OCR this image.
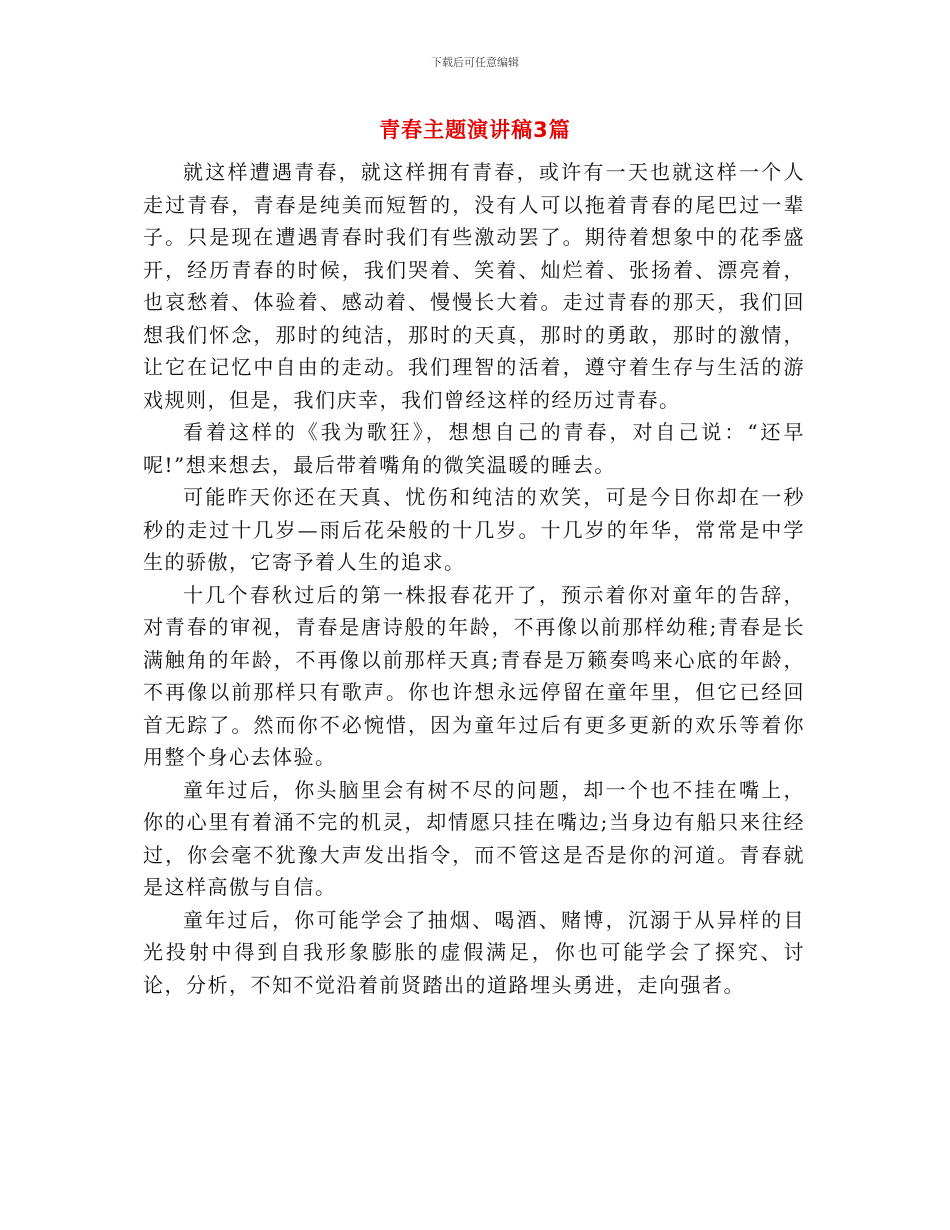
下载后可任意编辑
青春主题演讲稿3篇

就这样遭遇青春，就这样拥有青春，或许有一天也就这样一个人走过青春，青春是纯美而短暂的，没有人可以拖着青春的尾巴过一辈子。只是现在遭遇青春时我们有些激动罢了。期待着想象中的花季盛开，经历青春的时候，我们哭着、笑着、灿烂着、张扬着、漂亮着，也哀愁着、体验着、感动着、慢慢长大着。走过青春的那天，我们回想我们怀念，那时的纯洁，那时的天真，那时的勇敢，那时的激情，让它在记忆中自由的走动。我们理智的活着，遵守着生存与生活的游戏规则，但是，我们庆幸，我们曾经这样的经历过青春。

看着这样的《我为歌狂》，想想自己的青春，对自己说：“还早呢!”想来想去，最后带着嘴角的微笑温暖的睡去。

可能昨天你还在天真、忧伤和纯洁的欢笑，可是今日你却在一秒秒的走过十几岁—雨后花朵般的十几岁。十几岁的年华，常常是中学生的骄傲，它寄予着人生的追求。

十几个春秋过后的第一株报春花开了，预示着你对童年的告辞，对青春的审视，青春是唐诗般的年龄，不再像以前那样幼稚;青春是长满触角的年龄，不再像以前那样天真;青春是万籁奏鸣来心底的年龄，不再像以前那样只有歌声。你也许想永远停留在童年里，但它已经回首无踪了。然而你不必惋惜，因为童年过后有更多更新的欢乐等着你用整个身心去体验。

童年过后，你头脑里会有树不尽的问题，却一个也不挂在嘴上，你的心里有着涌不完的机灵，却情愿只挂在嘴边;当身边有船只来往经过，你会毫不犹豫大声发出指令，而不管这是否是你的河道。青春就是这样高傲与自信。

童年过后，你可能学会了抽烟、喝酒、赌博，沉溺于从异样的目光投射中得到自我形象膨胀的虚假满足，你也可能学会了探究、讨论，分析，不知不觉沿着前贤踏出的道路埋头勇进，走向强者。
